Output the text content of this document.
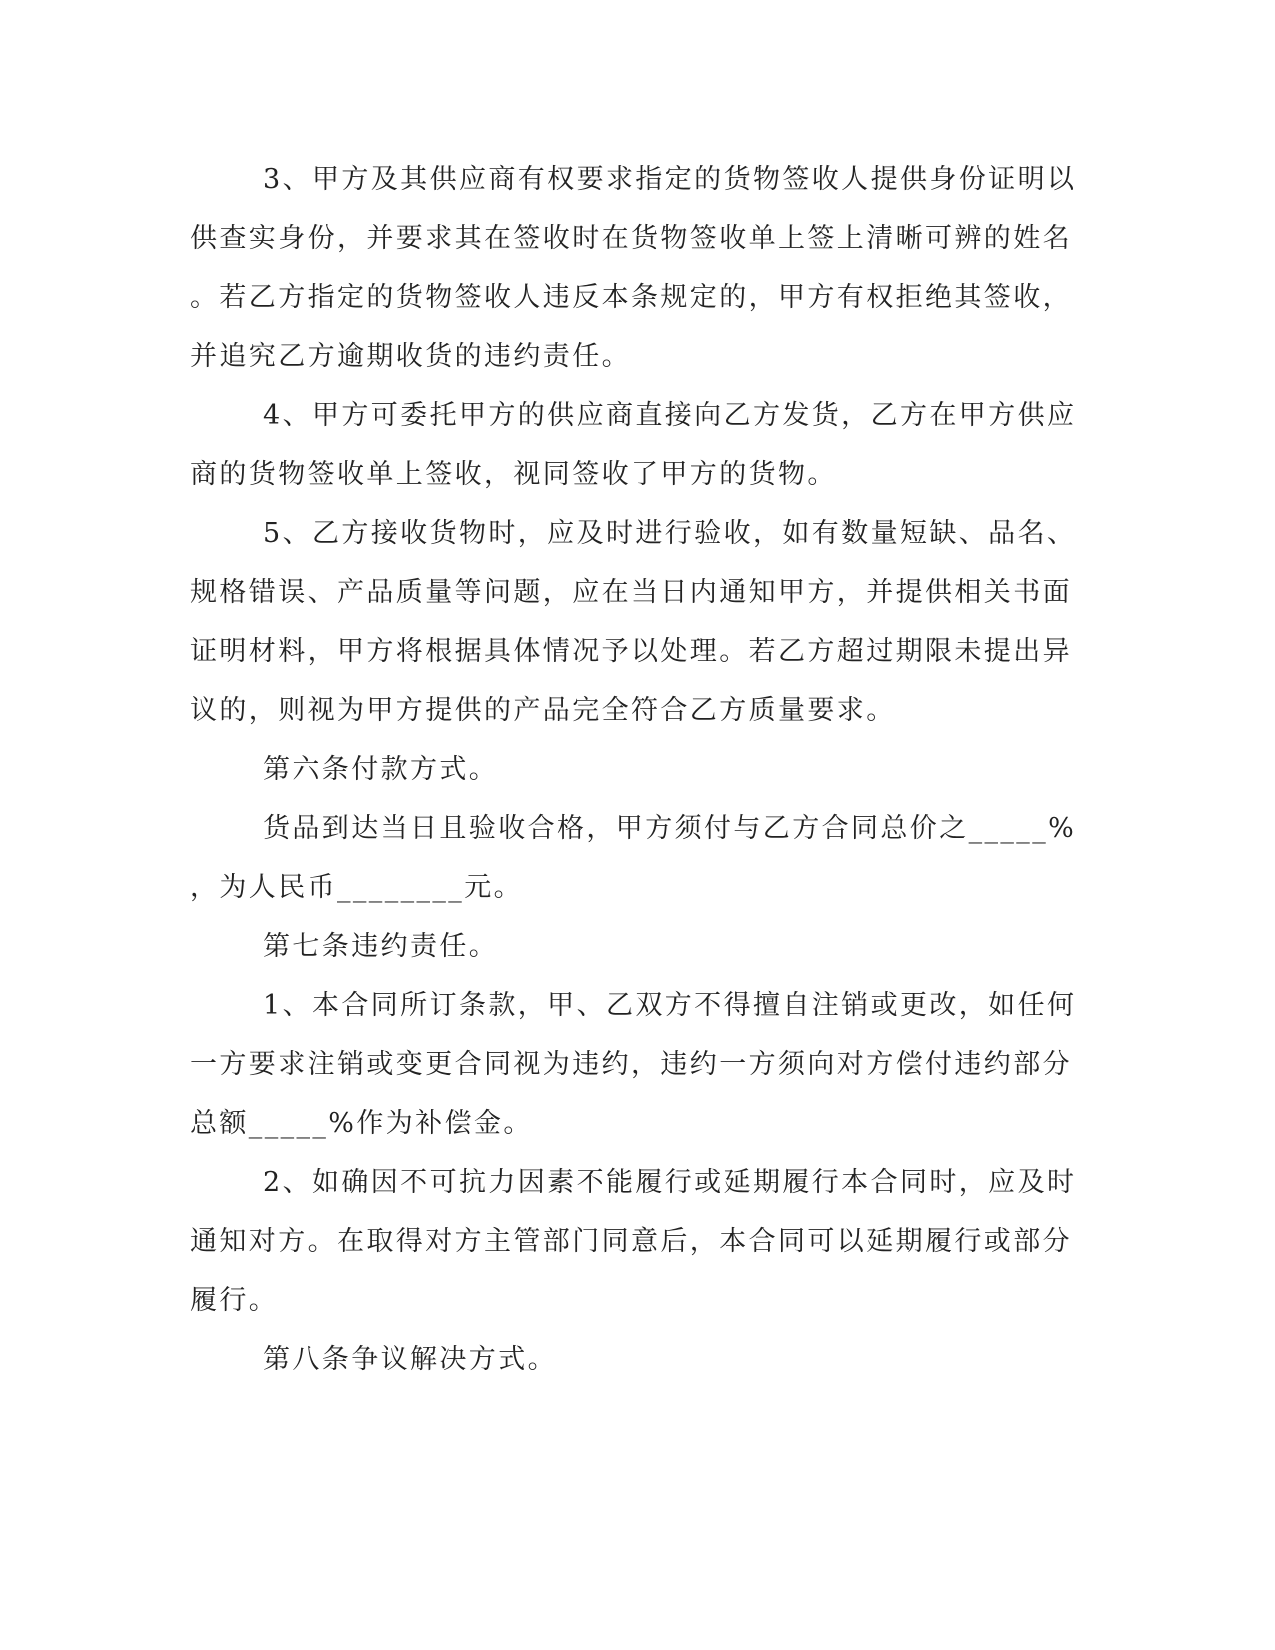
3、甲方及其供应商有权要求指定的货物签收人提供身份证明以
供查实身份，并要求其在签收时在货物签收单上签上清晰可辨的姓名
。若乙方指定的货物签收人违反本条规定的，甲方有权拒绝其签收，
并追究乙方逾期收货的违约责任。
4、甲方可委托甲方的供应商直接向乙方发货，乙方在甲方供应
商的货物签收单上签收，视同签收了甲方的货物。
5、乙方接收货物时，应及时进行验收，如有数量短缺、品名、
规格错误、产品质量等问题，应在当日内通知甲方，并提供相关书面
证明材料，甲方将根据具体情况予以处理。若乙方超过期限未提出异
议的，则视为甲方提供的产品完全符合乙方质量要求。
第六条付款方式。
货品到达当日且验收合格，甲方须付与乙方合同总价之_____%
，为人民币________元。
第七条违约责任。
1、本合同所订条款，甲、乙双方不得擅自注销或更改，如任何
一方要求注销或变更合同视为违约，违约一方须向对方偿付违约部分
总额_____%作为补偿金。
2、如确因不可抗力因素不能履行或延期履行本合同时，应及时
通知对方。在取得对方主管部门同意后，本合同可以延期履行或部分
履行。
第八条争议解决方式。
